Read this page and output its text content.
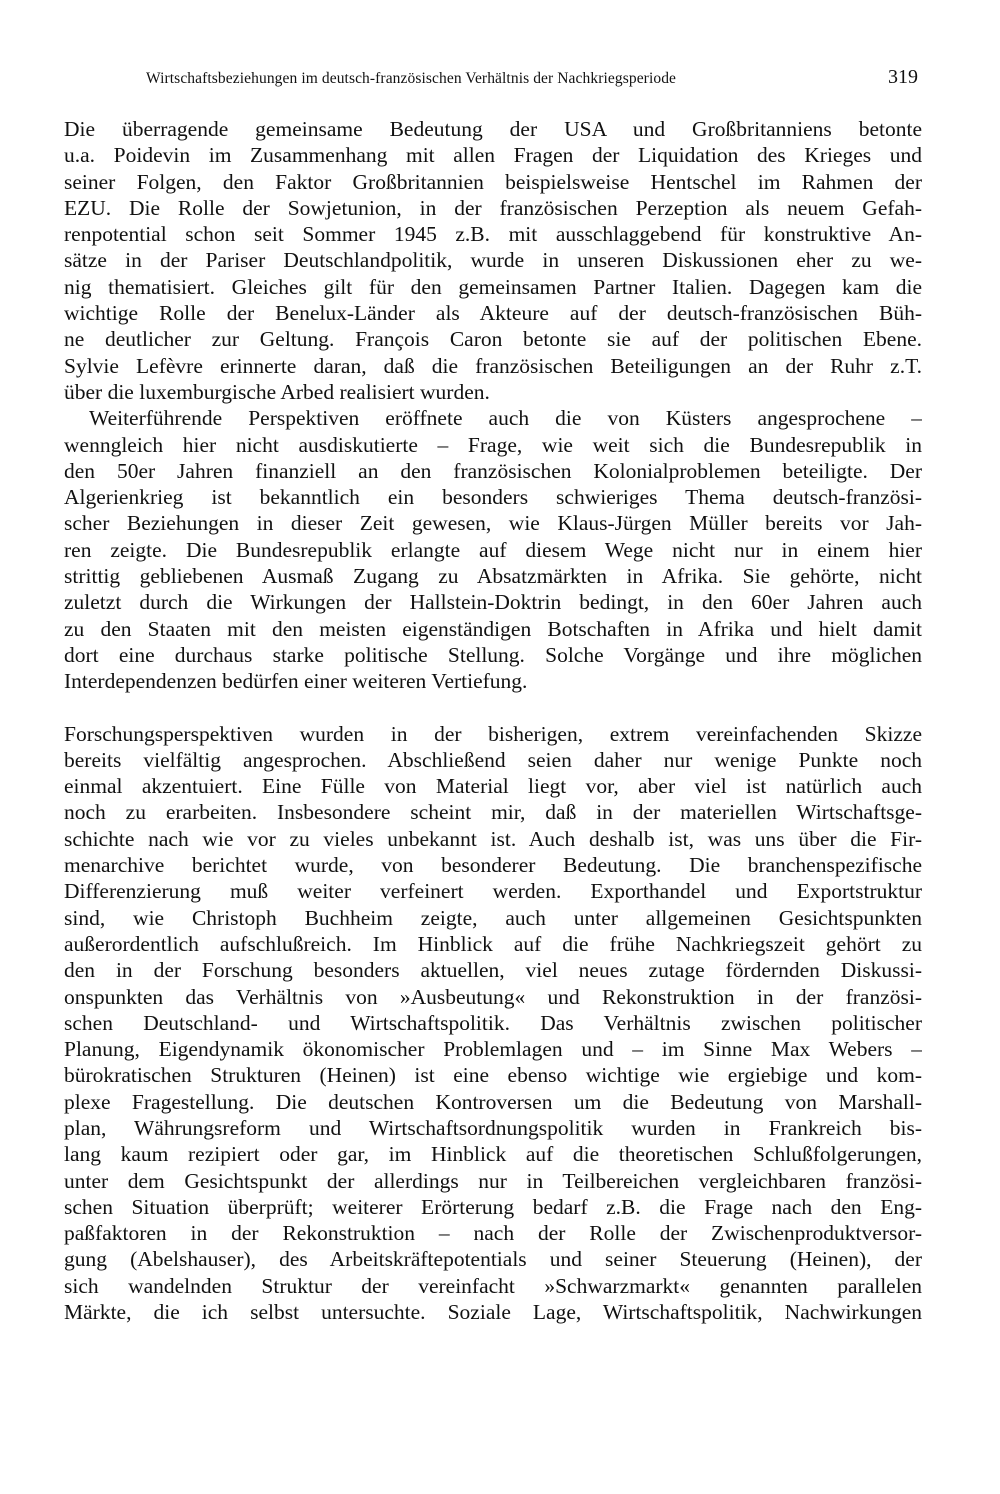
Wirtschaftsbeziehungen im deutsch-französischen Verhältnis der Nachkriegsperiode	319
Die überragende gemeinsame Bedeutung der USA und Großbritanniens betonte
u.a. Poidevin im Zusammenhang mit allen Fragen der Liquidation des Krieges und
seiner Folgen, den Faktor Großbritannien beispielsweise Hentschel im Rahmen der
EZU. Die Rolle der Sowjetunion, in der französischen Perzeption als neuem Gefah-
renpotential schon seit Sommer 1945 z.B. mit ausschlaggebend für konstruktive An-
sätze in der Pariser Deutschlandpolitik, wurde in unseren Diskussionen eher zu we-
nig thematisiert. Gleiches gilt für den gemeinsamen Partner Italien. Dagegen kam die
wichtige Rolle der Benelux-Länder als Akteure auf der deutsch-französischen Büh-
ne deutlicher zur Geltung. François Caron betonte sie auf der politischen Ebene.
Sylvie Lefèvre erinnerte daran, daß die französischen Beteiligungen an der Ruhr z.T.
über die luxemburgische Arbed realisiert wurden.
Weiterführende Perspektiven eröffnete auch die von Küsters angesprochene –
wenngleich hier nicht ausdiskutierte – Frage, wie weit sich die Bundesrepublik in
den 50er Jahren finanziell an den französischen Kolonialproblemen beteiligte. Der
Algerienkrieg ist bekanntlich ein besonders schwieriges Thema deutsch-französi-
scher Beziehungen in dieser Zeit gewesen, wie Klaus-Jürgen Müller bereits vor Jah-
ren zeigte. Die Bundesrepublik erlangte auf diesem Wege nicht nur in einem hier
strittig gebliebenen Ausmaß Zugang zu Absatzmärkten in Afrika. Sie gehörte, nicht
zuletzt durch die Wirkungen der Hallstein-Doktrin bedingt, in den 60er Jahren auch
zu den Staaten mit den meisten eigenständigen Botschaften in Afrika und hielt damit
dort eine durchaus starke politische Stellung. Solche Vorgänge und ihre möglichen
Interdependenzen bedürfen einer weiteren Vertiefung.
Forschungsperspektiven wurden in der bisherigen, extrem vereinfachenden Skizze
bereits vielfältig angesprochen. Abschließend seien daher nur wenige Punkte noch
einmal akzentuiert. Eine Fülle von Material liegt vor, aber viel ist natürlich auch
noch zu erarbeiten. Insbesondere scheint mir, daß in der materiellen Wirtschaftsge-
schichte nach wie vor zu vieles unbekannt ist. Auch deshalb ist, was uns über die Fir-
menarchive berichtet wurde, von besonderer Bedeutung. Die branchenspezifische
Differenzierung muß weiter verfeinert werden. Exporthandel und Exportstruktur
sind, wie Christoph Buchheim zeigte, auch unter allgemeinen Gesichtspunkten
außerordentlich aufschlußreich. Im Hinblick auf die frühe Nachkriegszeit gehört zu
den in der Forschung besonders aktuellen, viel neues zutage fördernden Diskussi-
onspunkten das Verhältnis von »Ausbeutung« und Rekonstruktion in der französi-
schen Deutschland- und Wirtschaftspolitik. Das Verhältnis zwischen politischer
Planung, Eigendynamik ökonomischer Problemlagen und – im Sinne Max Webers –
bürokratischen Strukturen (Heinen) ist eine ebenso wichtige wie ergiebige und kom-
plexe Fragestellung. Die deutschen Kontroversen um die Bedeutung von Marshall-
plan, Währungsreform und Wirtschaftsordnungspolitik wurden in Frankreich bis-
lang kaum rezipiert oder gar, im Hinblick auf die theoretischen Schlußfolgerungen,
unter dem Gesichtspunkt der allerdings nur in Teilbereichen vergleichbaren französi-
schen Situation überprüft; weiterer Erörterung bedarf z.B. die Frage nach den Eng-
paßfaktoren in der Rekonstruktion – nach der Rolle der Zwischenproduktversor-
gung (Abelshauser), des Arbeitskräftepotentials und seiner Steuerung (Heinen), der
sich wandelnden Struktur der vereinfacht »Schwarzmarkt« genannten parallelen
Märkte, die ich selbst untersuchte. Soziale Lage, Wirtschaftspolitik, Nachwirkungen
